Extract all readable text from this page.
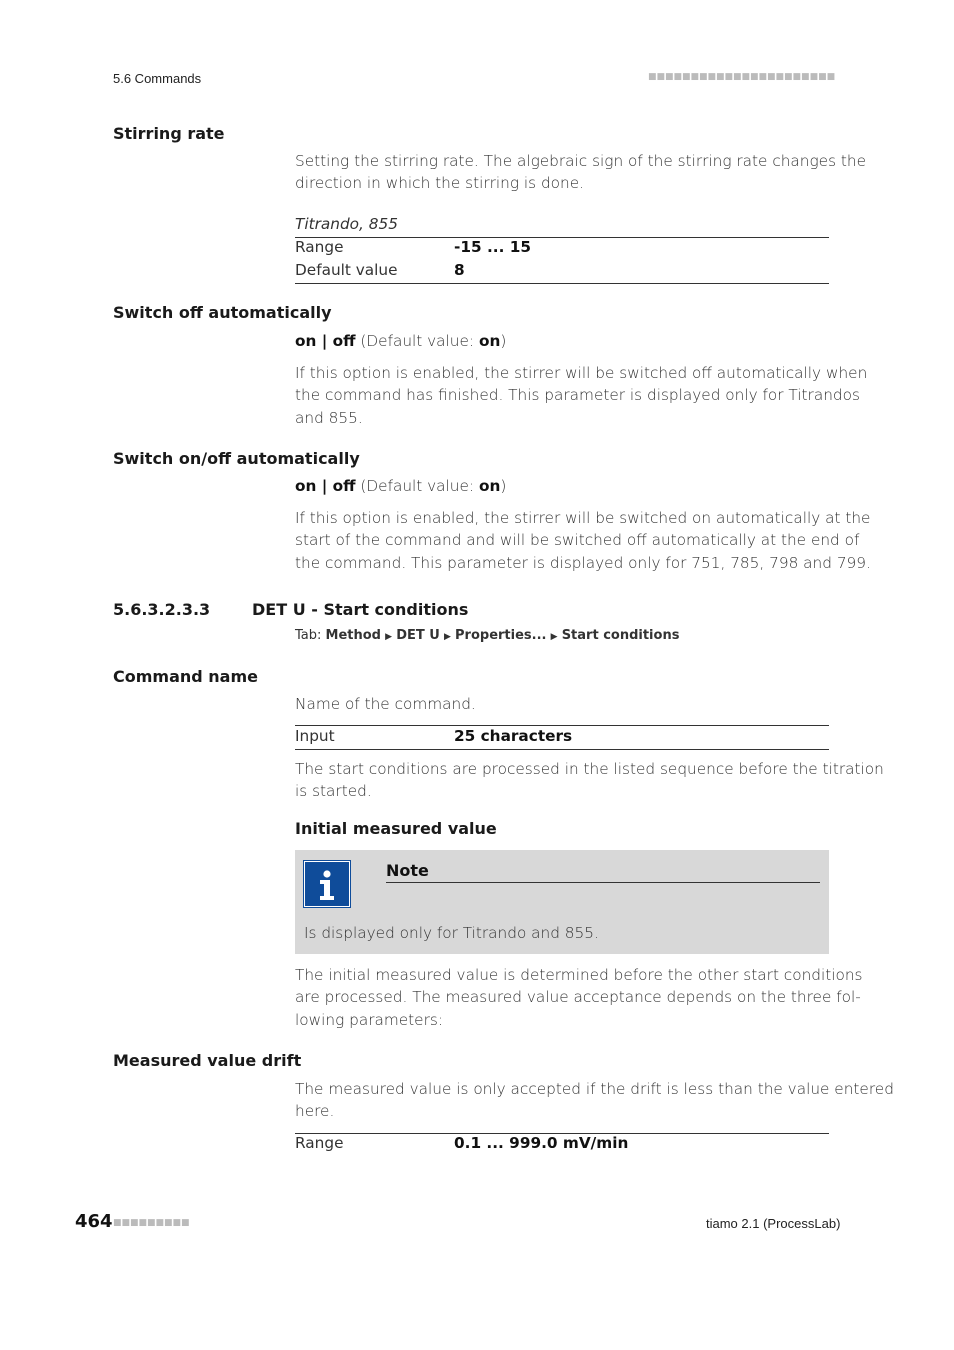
5.6 Commands	■■■■■■■■■■■■■■■■■■■■■■
Stirring rate
Setting the stirring rate. The algebraic sign of the stirring rate changes the
direction in which the stirring is done.
Titrando, 855
Range	-15 ... 15
Default value	8
Switch off automatically
on | off (Default value: on)
If this option is enabled, the stirrer will be switched off automatically when
the command has finished. This parameter is displayed only for Titrandos
and 855.
Switch on/off automatically
on | off (Default value: on)
If this option is enabled, the stirrer will be switched on automatically at the
start of the command and will be switched off automatically at the end of
the command. This parameter is displayed only for 751, 785, 798 and 799.
5.6.3.2.3.3	DET U - Start conditions
Tab: Method ▶ DET U ▶ Properties... ▶ Start conditions
Command name
Name of the command.
Input	25 characters
The start conditions are processed in the listed sequence before the titration
is started.
Initial measured value
Note
Is displayed only for Titrando and 855.
The initial measured value is determined before the other start conditions
are processed. The measured value acceptance depends on the three fol-
lowing parameters:
Measured value drift
The measured value is only accepted if the drift is less than the value entered
here.
Range	0.1 ... 999.0 mV/min
464 ■■■■■■■■■	tiamo 2.1 (ProcessLab)
